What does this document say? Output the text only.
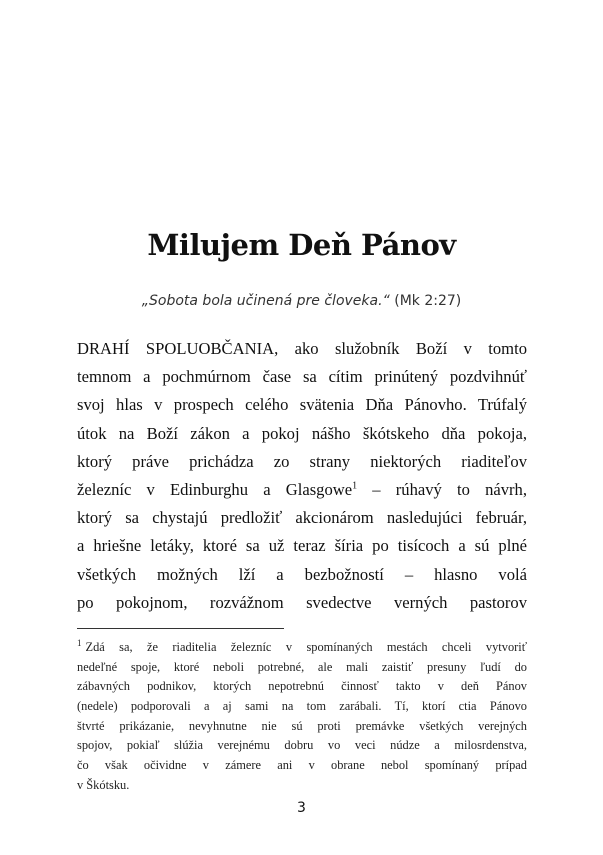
Milujem Deň Pánov
„Sobota bola učinená pre človeka.“ (Mk 2:27)
DRAHÍ SPOLUOBČANIA, ako služobník Boží v tomto
temnom a pochmúrnom čase sa cítim prinútený pozdvihnúť
svoj hlas v prospech celého svätenia Dňa Pánovho. Trúfalý
útok na Boží zákon a pokoj nášho škótskeho dňa pokoja,
ktorý práve prichádza zo strany niektorých riaditeľov
železníc v Edinburghu a Glasgowe$^1$ – rúhavý to návrh,
ktorý sa chystajú predložiť akcionárom nasledujúci február,
a hriešne letáky, ktoré sa už teraz šíria po tisícoch a sú plné
všetkých možných lží a bezbožností – hlasno volá
po pokojnom, rozvážnom svedectve verných pastorov
$^1$ Zdá sa, že riaditelia železníc v spomínaných mestách chceli vytvoriť
nedeľné spoje, ktoré neboli potrebné, ale mali zaistiť presuny ľudí do
zábavných podnikov, ktorých nepotrebnú činnosť takto v deň Pánov
(nedele) podporovali a aj sami na tom zarábali. Tí, ktorí ctia Pánovo
štvrté prikázanie, nevyhnutne nie sú proti premávke všetkých verejných
spojov, pokiaľ slúžia verejnému dobru vo veci núdze a milosrdenstva,
čo však očividne v zámere ani v obrane nebol spomínaný prípad
v Škótsku.
3
